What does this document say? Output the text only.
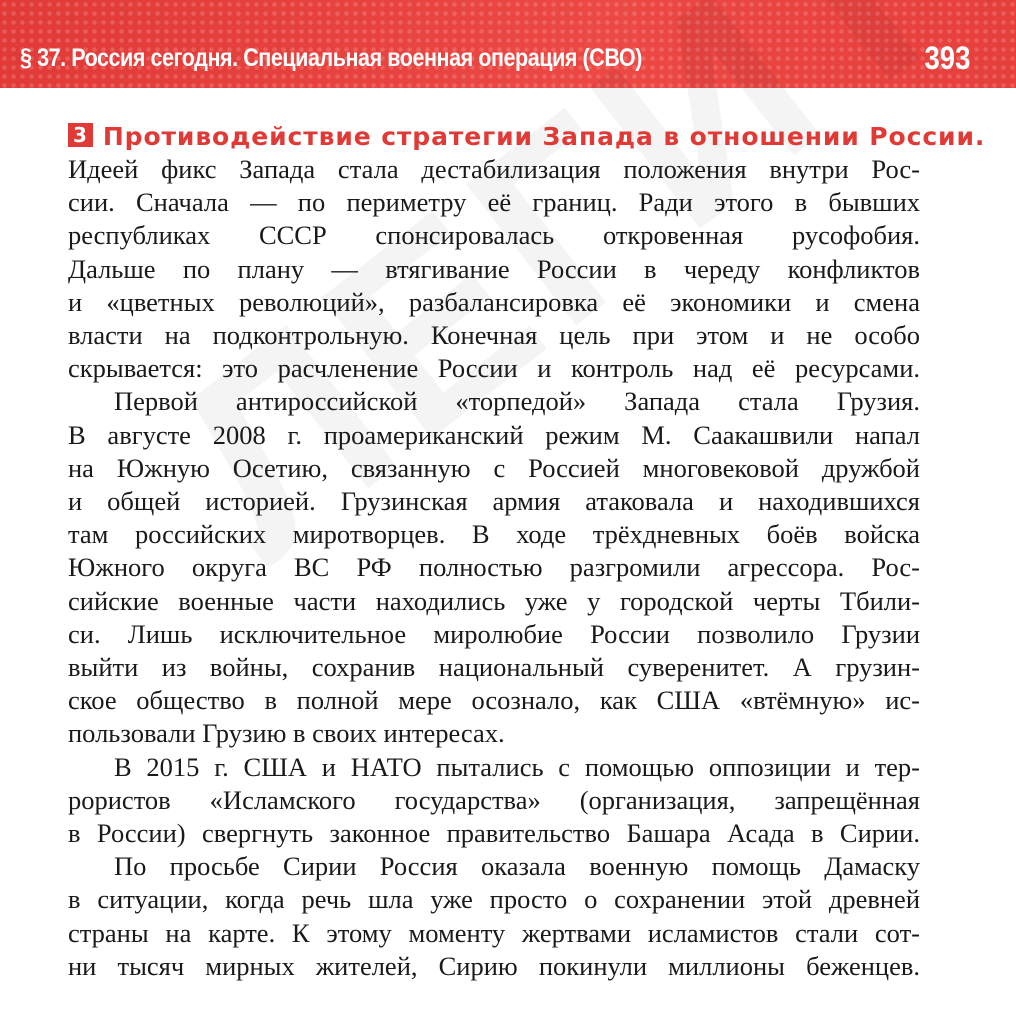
§ 37. Россия сегодня. Специальная военная операция (СВО)	393
3 Противодействие стратегии Запада в отношении России.
Идеей фикс Запада стала дестабилизация положения внутри Рос-
сии. Сначала — по периметру её границ. Ради этого в бывших
республиках СССР спонсировалась откровенная русофобия.
Дальше по плану — втягивание России в череду конфликтов
и «цветных революций», разбалансировка её экономики и смена
власти на подконтрольную. Конечная цель при этом и не особо
скрывается: это расчленение России и контроль над её ресурсами.
Первой антироссийской «торпедой» Запада стала Грузия.
В августе 2008 г. проамериканский режим М. Саакашвили напал
на Южную Осетию, связанную с Россией многовековой дружбой
и общей историей. Грузинская армия атаковала и находившихся
там российских миротворцев. В ходе трёхдневных боёв войска
Южного округа ВС РФ полностью разгромили агрессора. Рос-
сийские военные части находились уже у городской черты Тбили-
си. Лишь исключительное миролюбие России позволило Грузии
выйти из войны, сохранив национальный суверенитет. А грузин-
ское общество в полной мере осознало, как США «втёмную» ис-
пользовали Грузию в своих интересах.
В 2015 г. США и НАТО пытались с помощью оппозиции и тер-
рористов «Исламского государства» (организация, запрещённая
в России) свергнуть законное правительство Башара Асада в Сирии.
По просьбе Сирии Россия оказала военную помощь Дамаску
в ситуации, когда речь шла уже просто о сохранении этой древней
страны на карте. К этому моменту жертвами исламистов стали сот-
ни тысяч мирных жителей, Сирию покинули миллионы беженцев.
